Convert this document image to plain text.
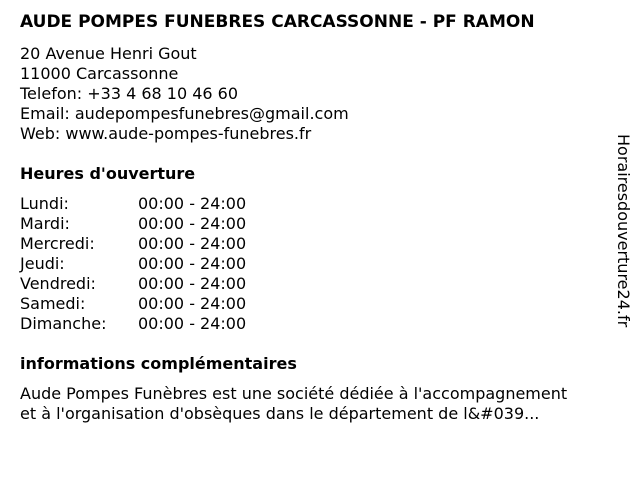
AUDE POMPES FUNEBRES CARCASSONNE - PF RAMON
20 Avenue Henri Gout
11000 Carcassonne
Telefon: +33 4 68 10 46 60
Email: audepompesfunebres@gmail.com
Web: www.aude-pompes-funebres.fr
Heures d'ouverture
Lundi:	00:00 - 24:00
Mardi:	00:00 - 24:00
Mercredi:	00:00 - 24:00
Jeudi:	00:00 - 24:00
Vendredi:	00:00 - 24:00
Samedi:	00:00 - 24:00
Dimanche:	00:00 - 24:00
informations complémentaires
Aude Pompes Funèbres est une société dédiée à l'accompagnement
et à l'organisation d'obsèques dans le département de l&#039...
Horairesdouverture24.fr
